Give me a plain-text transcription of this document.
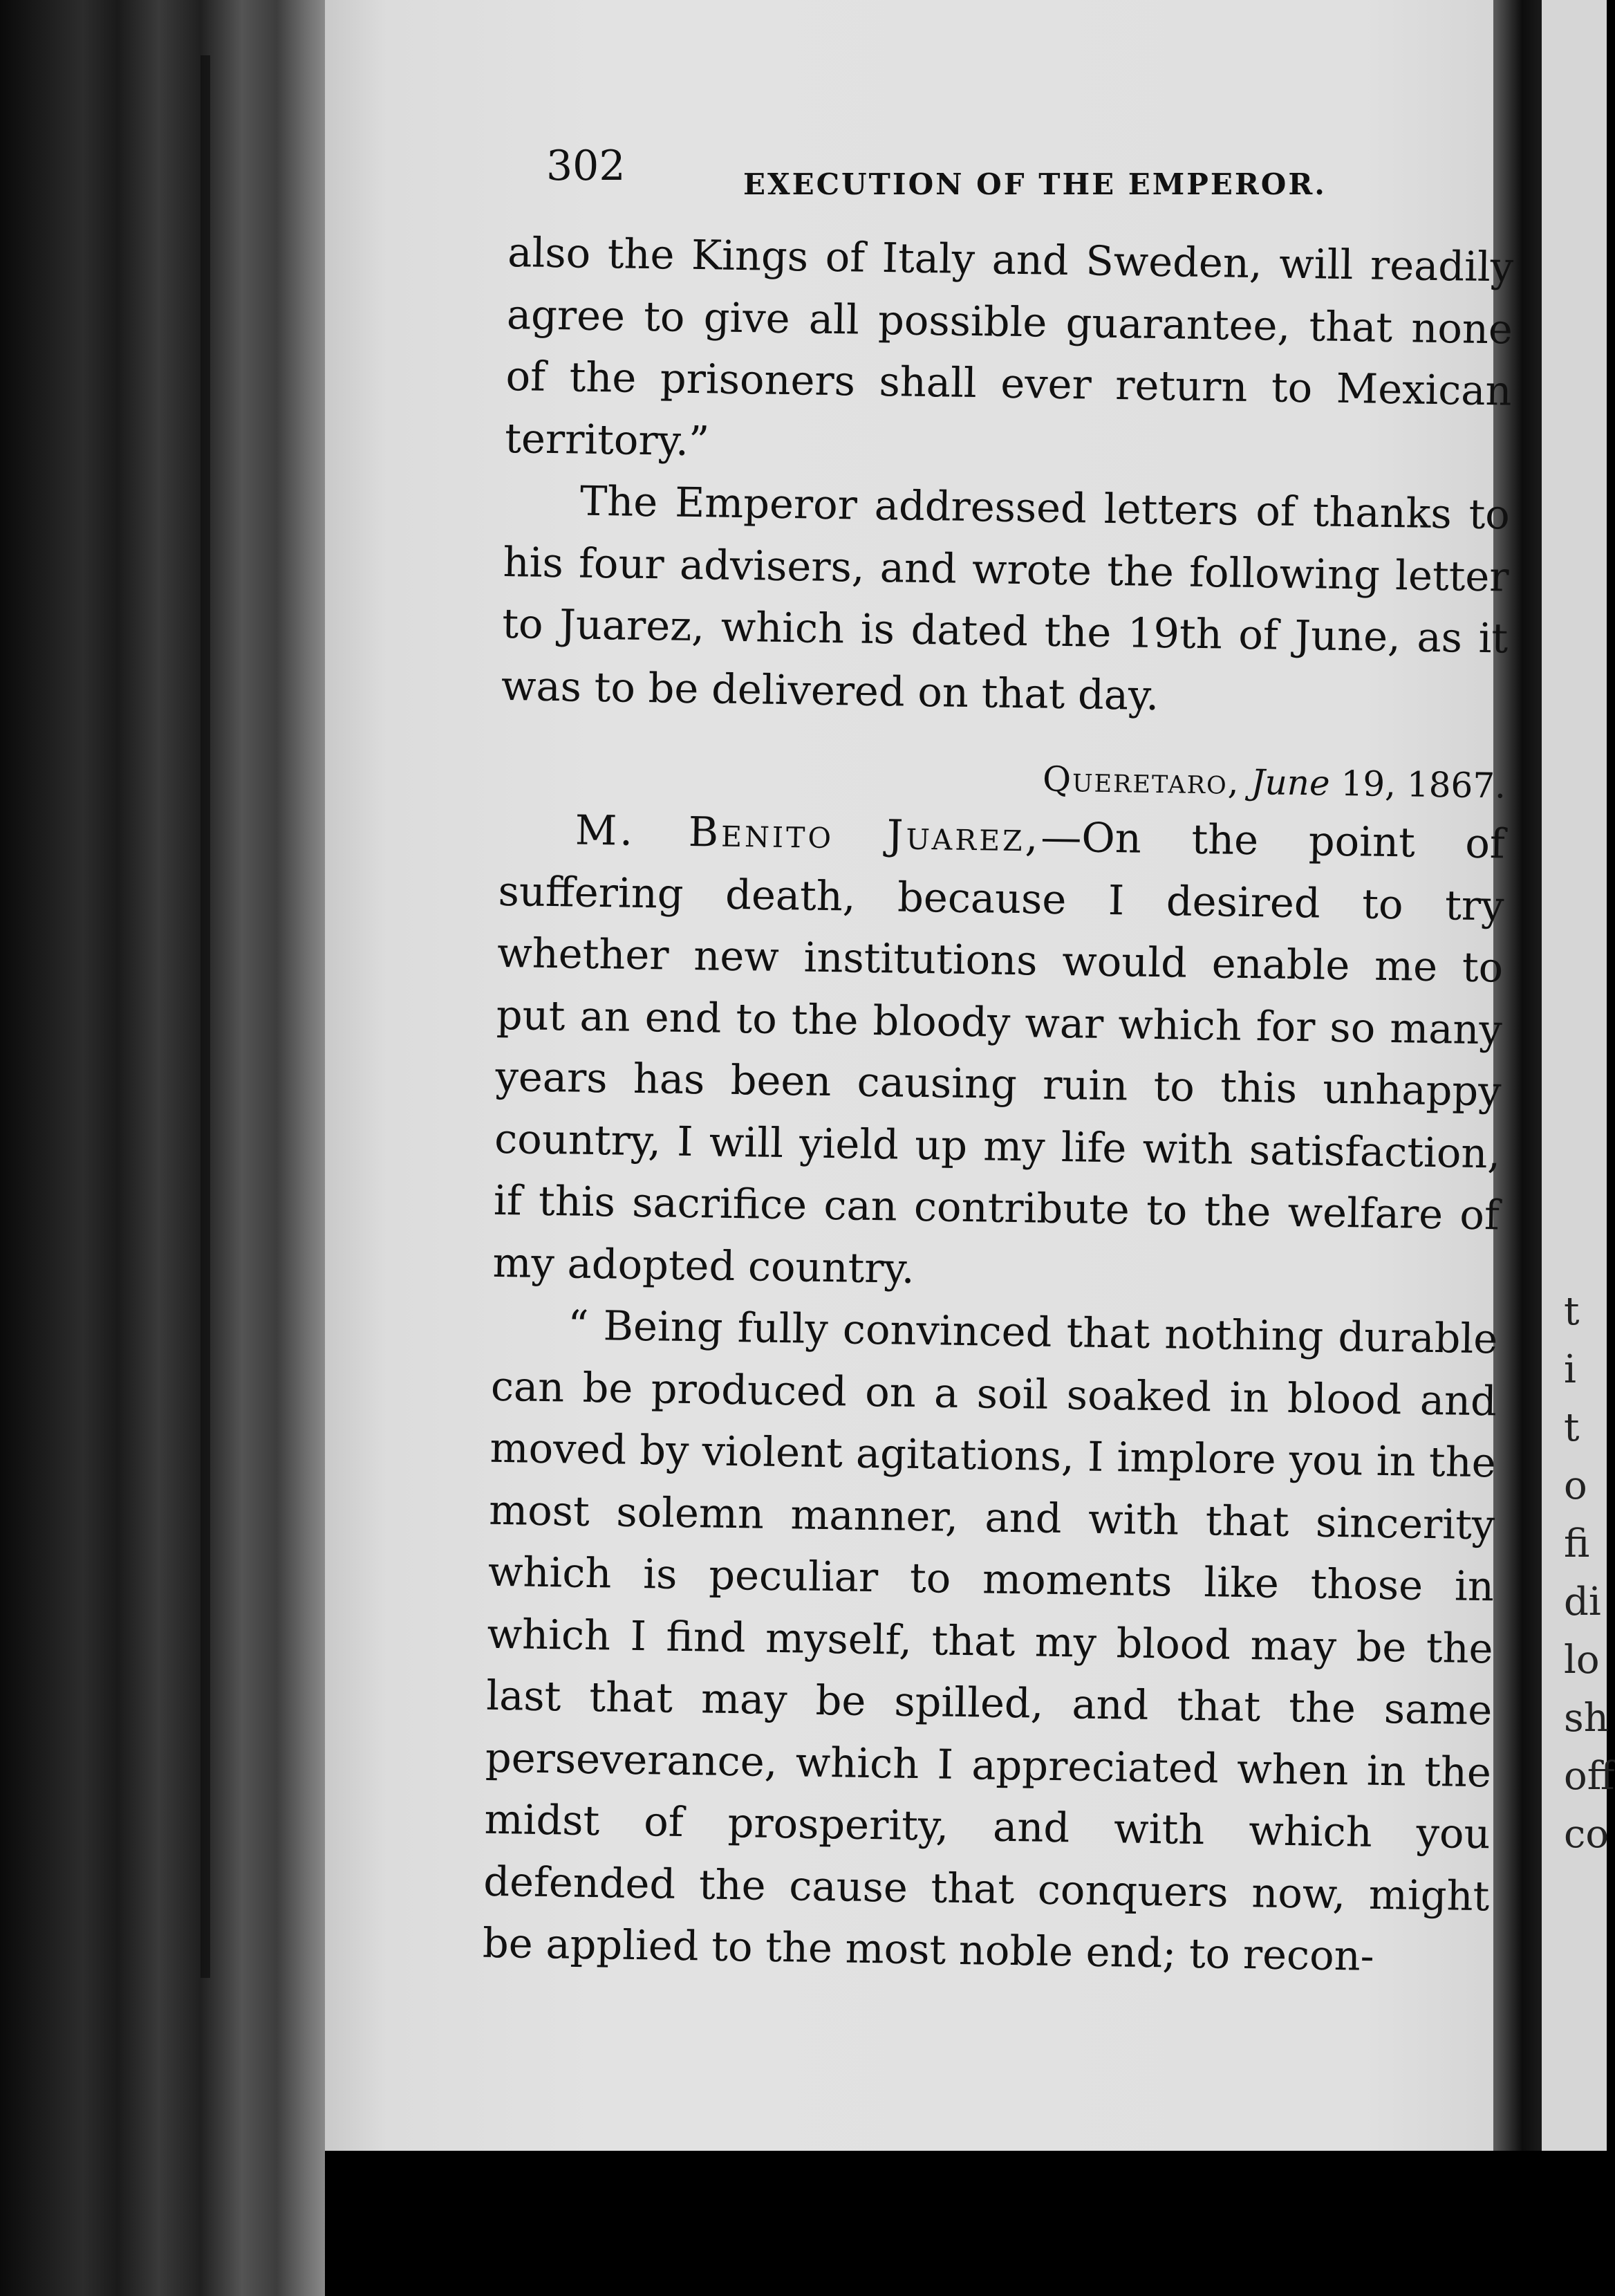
t
i
t
o
fi
di
lo
sh
off
co
302	EXECUTION OF THE EMPEROR.

also the Kings of Italy and Sweden, will readily agree to give all possible guarantee, that none of the prisoners shall ever return to Mexican territory.”

The Emperor addressed letters of thanks to his four advisers, and wrote the following letter to Juarez, which is dated the 19th of June, as it was to be delivered on that day.

Queretaro, June 19, 1867.

M. Benito Juarez,—On the point of suffering death, because I desired to try whether new institutions would enable me to put an end to the bloody war which for so many years has been causing ruin to this unhappy country, I will yield up my life with satisfaction, if this sacrifice can contribute to the welfare of my adopted country.

“ Being fully convinced that nothing durable can be produced on a soil soaked in blood and moved by violent agitations, I implore you in the most solemn manner, and with that sincerity which is peculiar to moments like those in which I find myself, that my blood may be the last that may be spilled, and that the same perseverance, which I appreciated when in the midst of prosperity, and with which you defended the cause that conquers now, might be applied to the most noble end; to recon-
